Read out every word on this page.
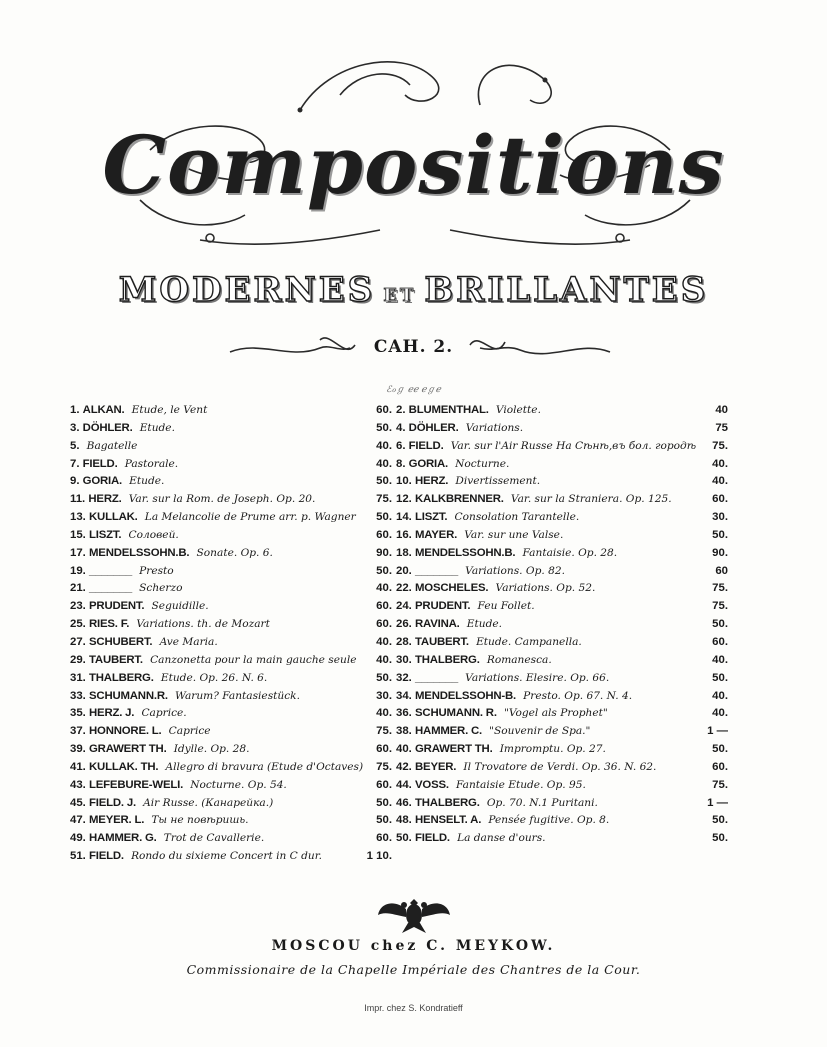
Compositions
MODERNES ET BRILLANTES
CAH. 2.
ℰℴℊ ℯℯ ℯℊℯ
1. ALKAN. Etude, le Vent	60. 2. BLUMENTHAL. Violette.	40
3. DÖHLER. Etude.	50. 4. DÖHLER. Variations.	75
5. Bagatelle	40. 6. FIELD. Var. sur l'Air Russe На Сѣнѣ,въ бол. городѣ	75.
7. FIELD. Pastorale.	40. 8. GORIA. Nocturne.	40.
9. GORIA. Etude.	50. 10. HERZ. Divertissement.	40.
11. HERZ. Var. sur la Rom. de Joseph. Op. 20.	75. 12. KALKBRENNER. Var. sur la Straniera. Op. 125.	60.
13. KULLAK. La Melancolie de Prume arr. p. Wagner	50. 14. LISZT. Consolation Tarantelle.	30.
15. LISZT. Соловей.	60. 16. MAYER. Var. sur une Valse.	50.
17. MENDELSSOHN.B. Sonate. Op. 6.	90. 18. MENDELSSOHN.B. Fantaisie. Op. 28.	90.
19. _______ Presto	50. 20. _______ Variations. Op. 82.	60
21. _______ Scherzo	40. 22. MOSCHELES. Variations. Op. 52.	75.
23. PRUDENT. Seguidille.	60. 24. PRUDENT. Feu Follet.	75.
25. RIES. F. Variations. th. de Mozart	60. 26. RAVINA. Etude.	50.
27. SCHUBERT. Ave Maria.	40. 28. TAUBERT. Etude. Campanella.	60.
29. TAUBERT. Canzonetta pour la main gauche seule	40. 30. THALBERG. Romanesca.	40.
31. THALBERG. Etude. Op. 26. N. 6.	50. 32. _______ Variations. Elesire. Op. 66.	50.
33. SCHUMANN.R. Warum? Fantasiestück.	30. 34. MENDELSSOHN-B. Presto. Op. 67. N. 4.	40.
35. HERZ. J. Caprice.	40. 36. SCHUMANN. R. "Vogel als Prophet"	40.
37. HONNORE. L. Caprice	75. 38. HAMMER. C. "Souvenir de Spa."	1 —
39. GRAWERT TH. Idylle. Op. 28.	60. 40. GRAWERT TH. Impromptu. Op. 27.	50.
41. KULLAK. TH. Allegro di bravura (Etude d'Octaves)	75. 42. BEYER. Il Trovatore de Verdi. Op. 36. N. 62.	60.
43. LEFEBURE-WELI. Nocturne. Op. 54.	60. 44. VOSS. Fantaisie Etude. Op. 95.	75.
45. FIELD. J. Air Russe. (Канарейка.)	50. 46. THALBERG. Op. 70. N.1 Puritani.	1 —
47. MEYER. L. Ты не повѣришь.	50. 48. HENSELT. A. Pensée fugitive. Op. 8.	50.
49. HAMMER. G. Trot de Cavallerie.	60. 50. FIELD. La danse d'ours.	50.
51. FIELD. Rondo du sixieme Concert in C dur.	1 10.
MOSCOU chez C. MEYKOW.
Commissionaire de la Chapelle Impériale des Chantres de la Cour.
Impr. chez S. Kondratieff
